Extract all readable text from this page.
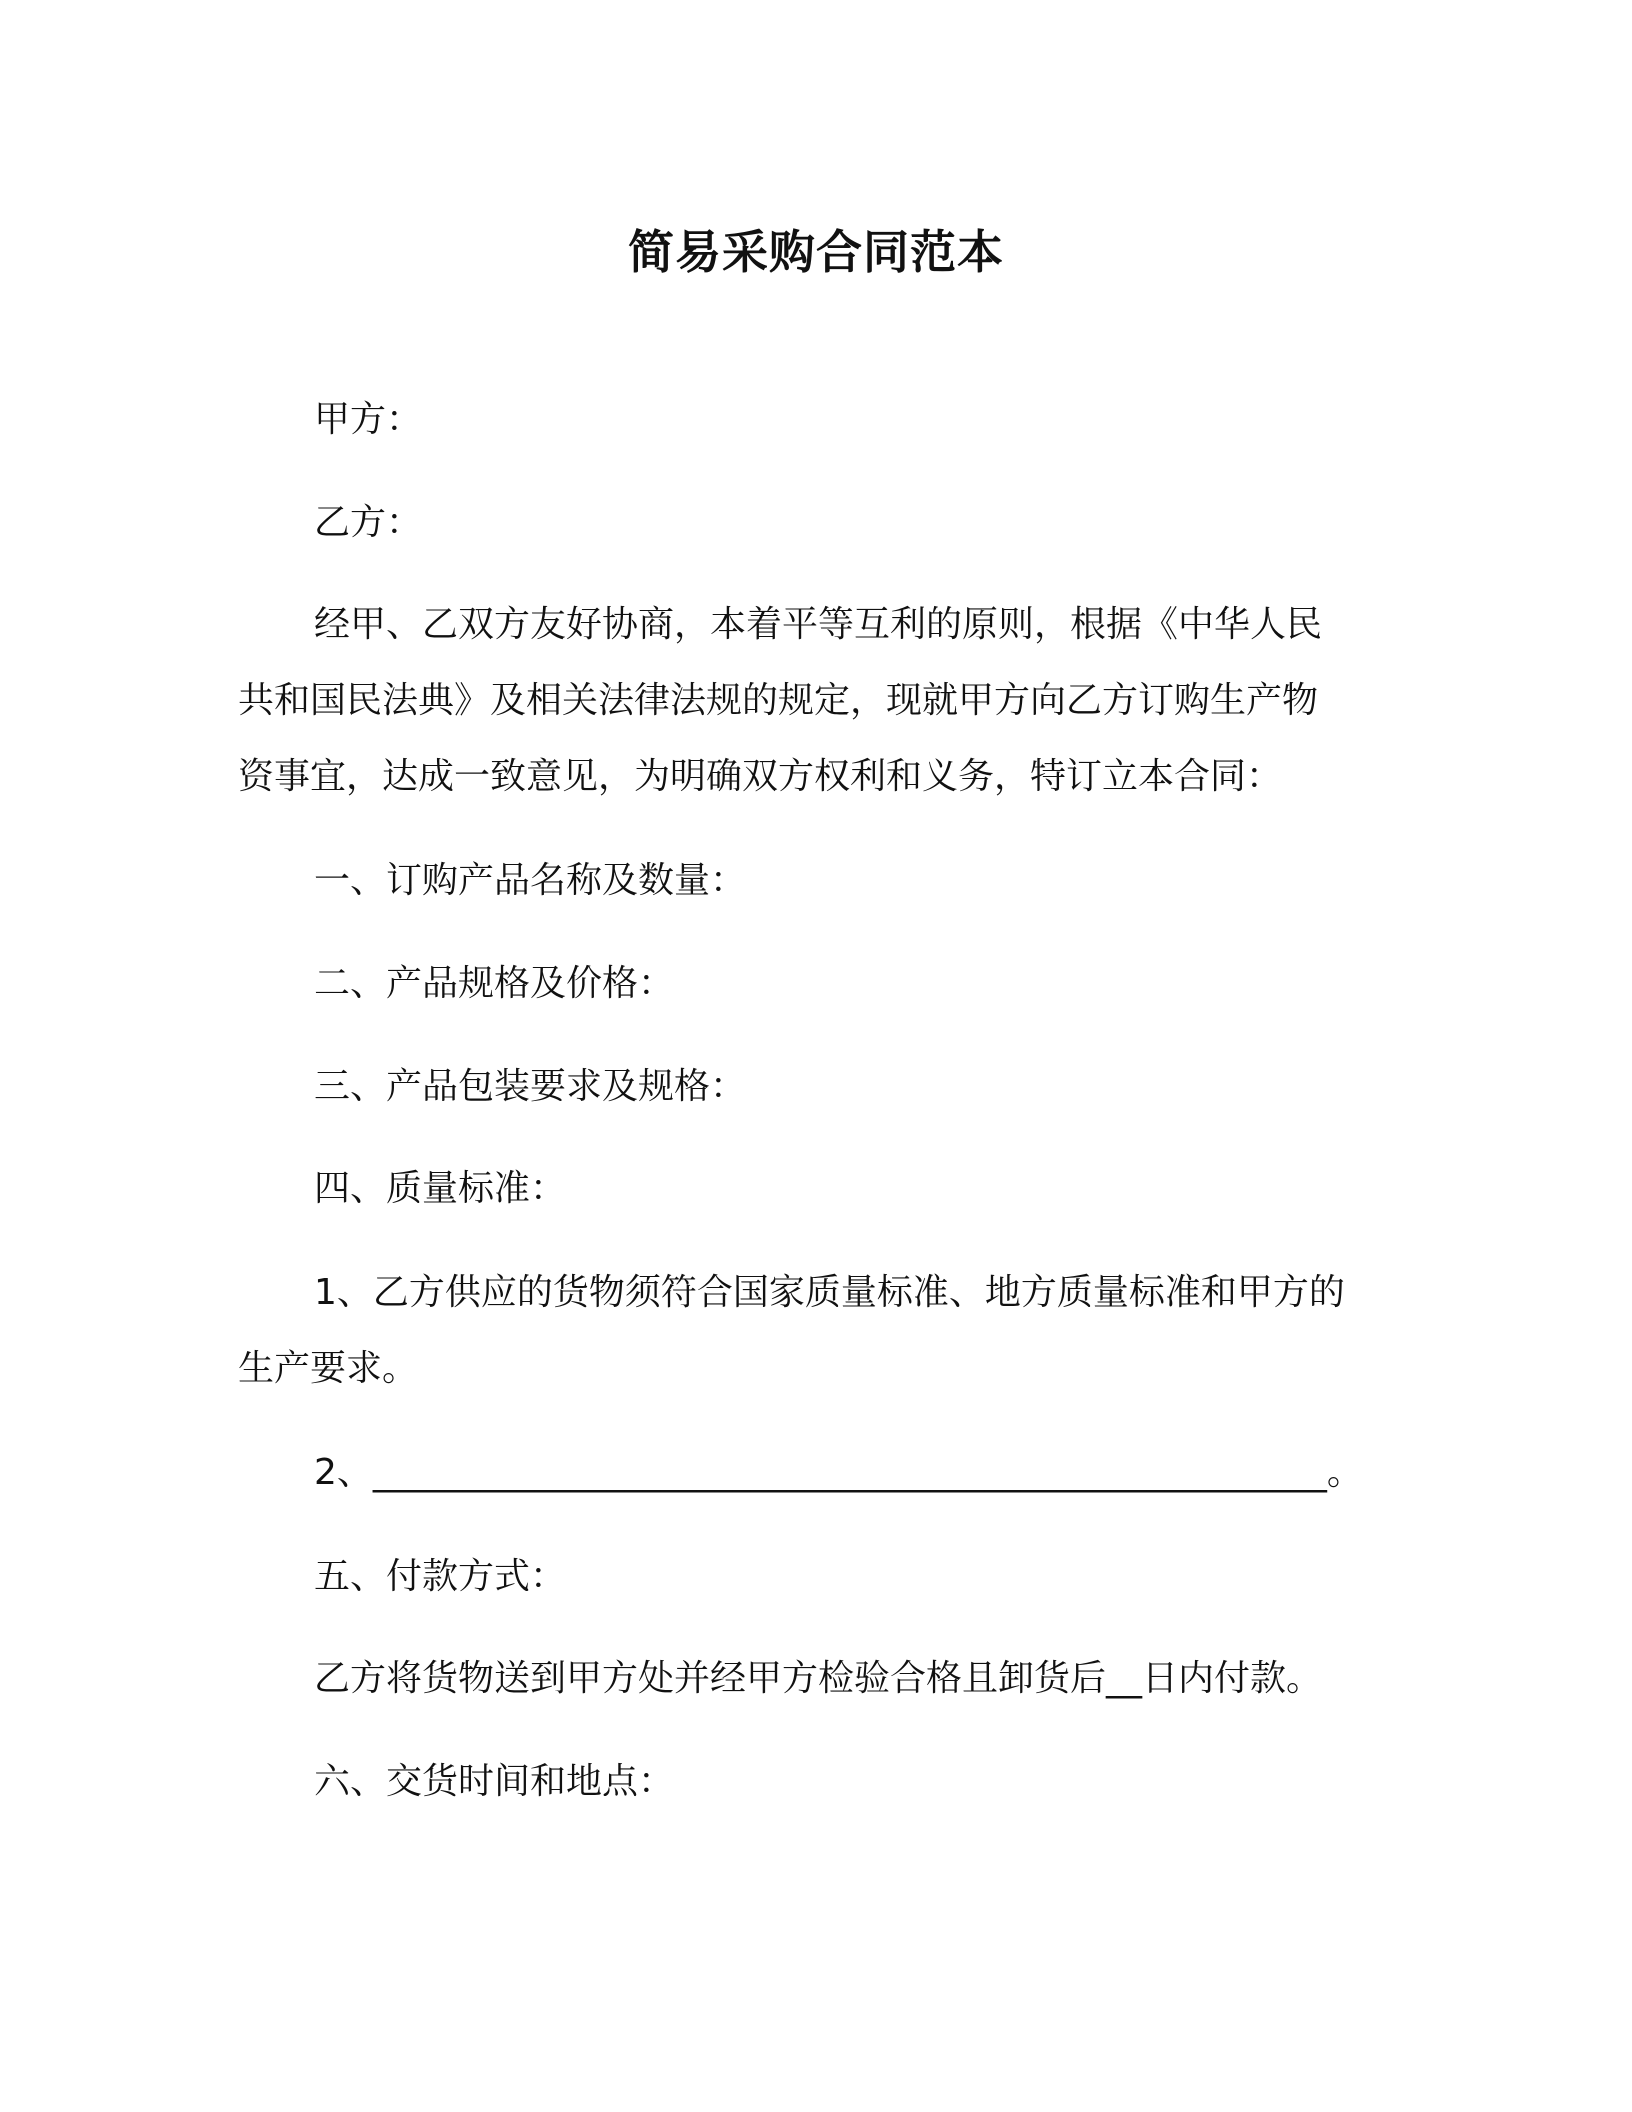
简易采购合同范本

甲方：

乙方：

经甲、乙双方友好协商，本着平等互利的原则，根据《中华人民

共和国民法典》及相关法律法规的规定，现就甲方向乙方订购生产物

资事宜，达成一致意见，为明确双方权利和义务，特订立本合同：

一、订购产品名称及数量：

二、产品规格及价格：

三、产品包装要求及规格：

四、质量标准：

1、乙方供应的货物须符合国家质量标准、地方质量标准和甲方的

生产要求。

2、_____________________________________________________。

五、付款方式：

乙方将货物送到甲方处并经甲方检验合格且卸货后__日内付款。

六、交货时间和地点：
